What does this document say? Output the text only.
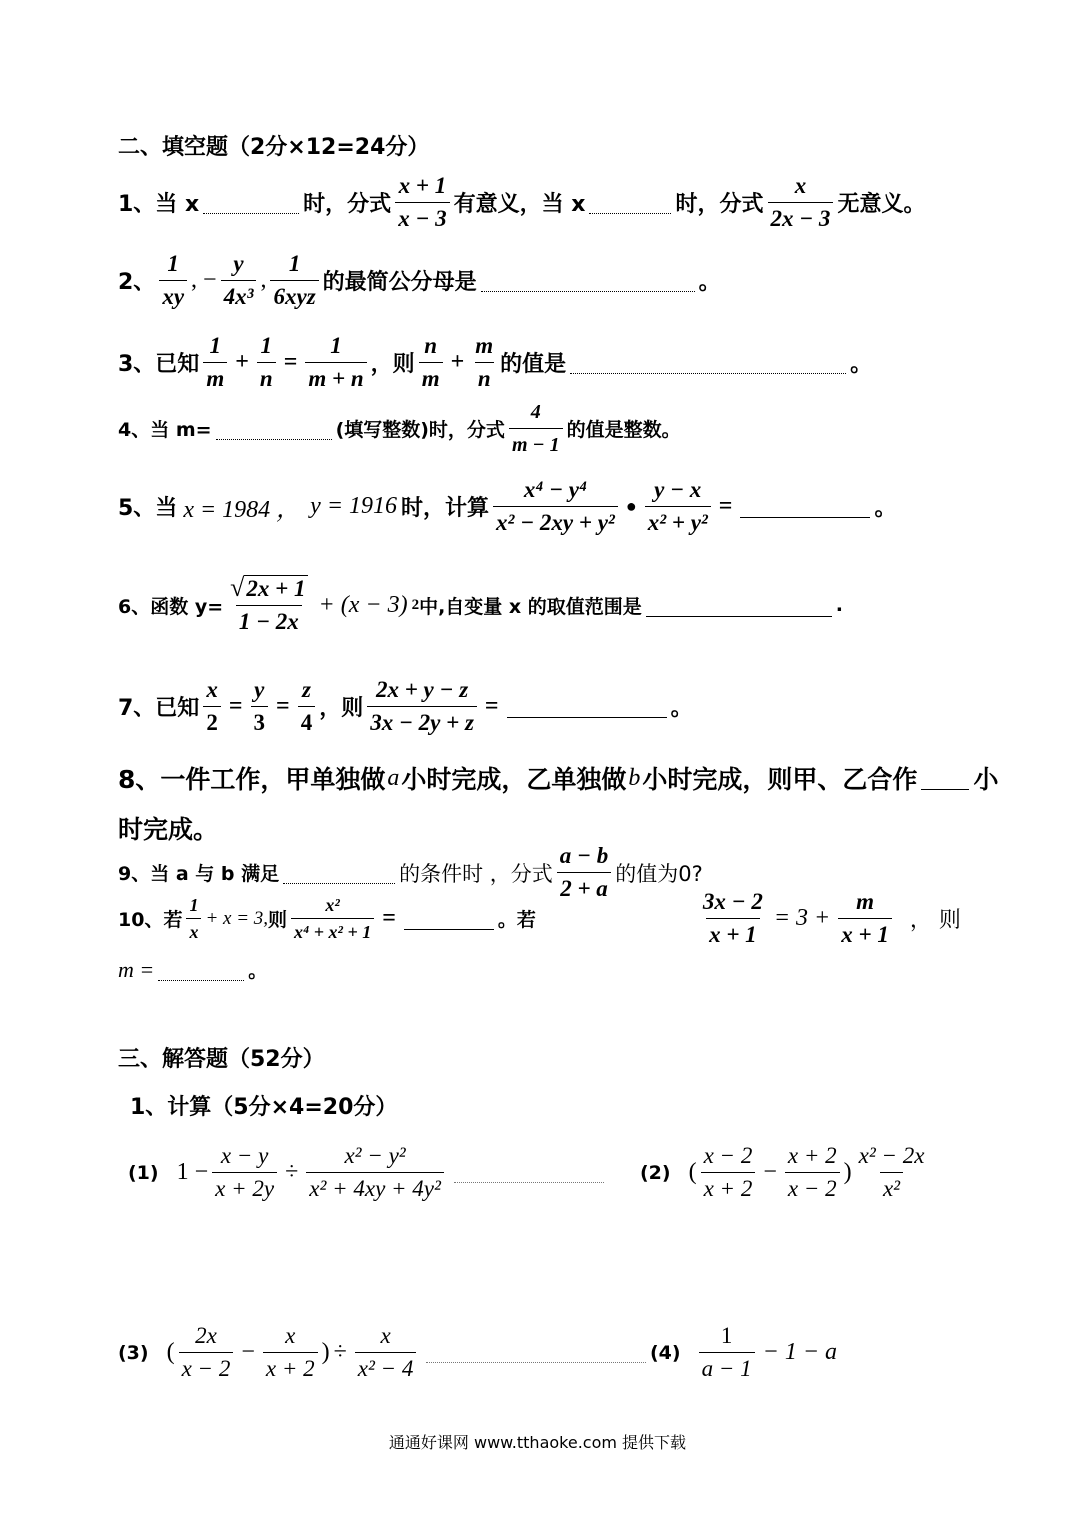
二、填空题（2分×12=24分）
1、当 x	时，分式 $\frac{x + 1}{x - 3}$ 有意义，当 x	时，分式 $\frac{x}{2x - 3}$ 无意义。
2、 $\frac{1}{xy}$ , − $\frac{y}{\text{4x³}}$ , $\frac{1}{\text{6xyz}}$ 的最简公分母是	。
3、已知 $\frac{1}{m} + \frac{1}{n} = \frac{1}{m + n}$ ，则 $\frac{n}{m} + \frac{m}{n}$ 的值是	。
4、当 m=	(填写整数)时，分式 $\frac{4}{m - 1}$ 的值是整数。
5、当 x = 1984 ， y = 1916 时，计算 $\frac{\text{x⁴ − y⁴}}{\text{x² − 2xy + y²}}$ ● $\frac{y - x}{\text{x² + y²}}$ =	。
6、函数 $y= \frac{√2x + 1}{1 - 2x} + (x - 3)$ 2 中,自变量 x 的取值范围是	.
7、已知 $\frac{x}{2} = \frac{y}{3} = \frac{z}{4}$ ，则 $\frac{2x + y - z}{3x - 2y + z}$ =	。
8、一件工作，甲单独做 a 小时完成，乙单独做 b 小时完成，则甲、乙合作 小
时完成。
9、当 a 与 b 满足	的条件时 ，分式 $\frac{a - b}{2 + a}$ 的值为0?
10、若 $\frac{1}{x} + x = 3$, 则 $\frac{\text{x²}}{\text{x⁴ + x² + 1}}$ =	。若	$\frac{3x - 2}{x + 1} = 3 + \frac{m}{x + 1}$ ， 则
m =	。
三、解答题（52分）
1、计算（5分×4=20分）
(1) $1 - \frac{x - y}{x + 2y} \div \frac{\text{x² − y²}}{\text{x² + 4xy + 4y²}}$	(2) ( $\frac{x - 2}{x + 2} - \frac{x + 2}{x - 2}$ ) $\frac{\text{x² − 2x}}{\text{x²}}$
(3) ( $\frac{2x}{x - 2} - \frac{x}{x + 2}$ ) ÷ $\frac{x}{\text{x² − 4}}$	$(4) \frac{1}{a - 1} - 1 - a$
通通好课网 www.tthaoke.com 提供下载
